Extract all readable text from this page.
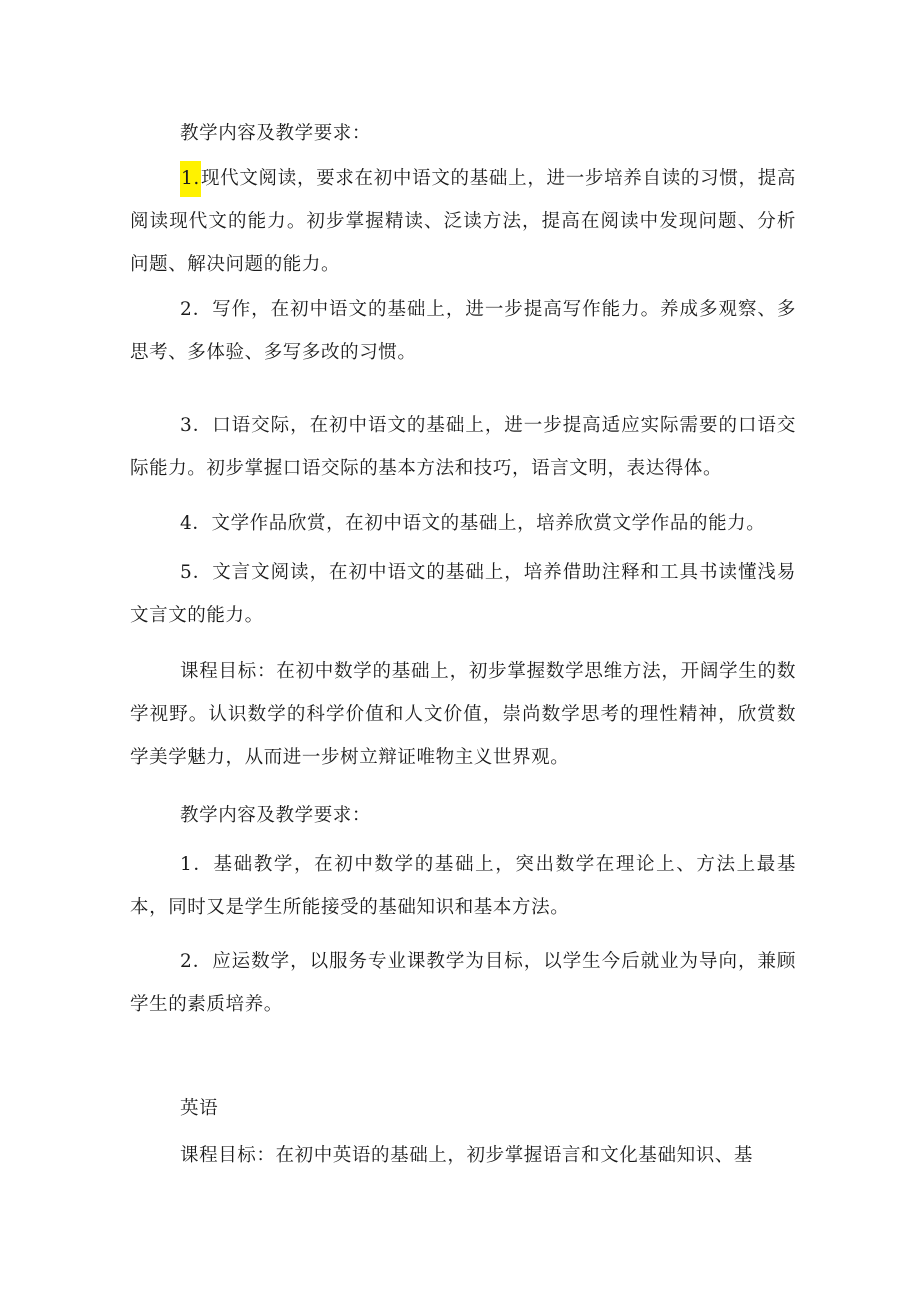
教学内容及教学要求：

1.现代文阅读，要求在初中语文的基础上，进一步培养自读的习惯，提高阅读现代文的能力。初步掌握精读、泛读方法，提高在阅读中发现问题、分析问题、解决问题的能力。

2．写作，在初中语文的基础上，进一步提高写作能力。养成多观察、多思考、多体验、多写多改的习惯。

3．口语交际，在初中语文的基础上，进一步提高适应实际需要的口语交际能力。初步掌握口语交际的基本方法和技巧，语言文明，表达得体。

4．文学作品欣赏，在初中语文的基础上，培养欣赏文学作品的能力。

5．文言文阅读，在初中语文的基础上，培养借助注释和工具书读懂浅易文言文的能力。

课程目标：在初中数学的基础上，初步掌握数学思维方法，开阔学生的数学视野。认识数学的科学价值和人文价值，崇尚数学思考的理性精神，欣赏数学美学魅力，从而进一步树立辩证唯物主义世界观。

教学内容及教学要求：

1．基础教学，在初中数学的基础上，突出数学在理论上、方法上最基本，同时又是学生所能接受的基础知识和基本方法。

2．应运数学，以服务专业课教学为目标，以学生今后就业为导向，兼顾学生的素质培养。

英语

课程目标：在初中英语的基础上，初步掌握语言和文化基础知识、基
